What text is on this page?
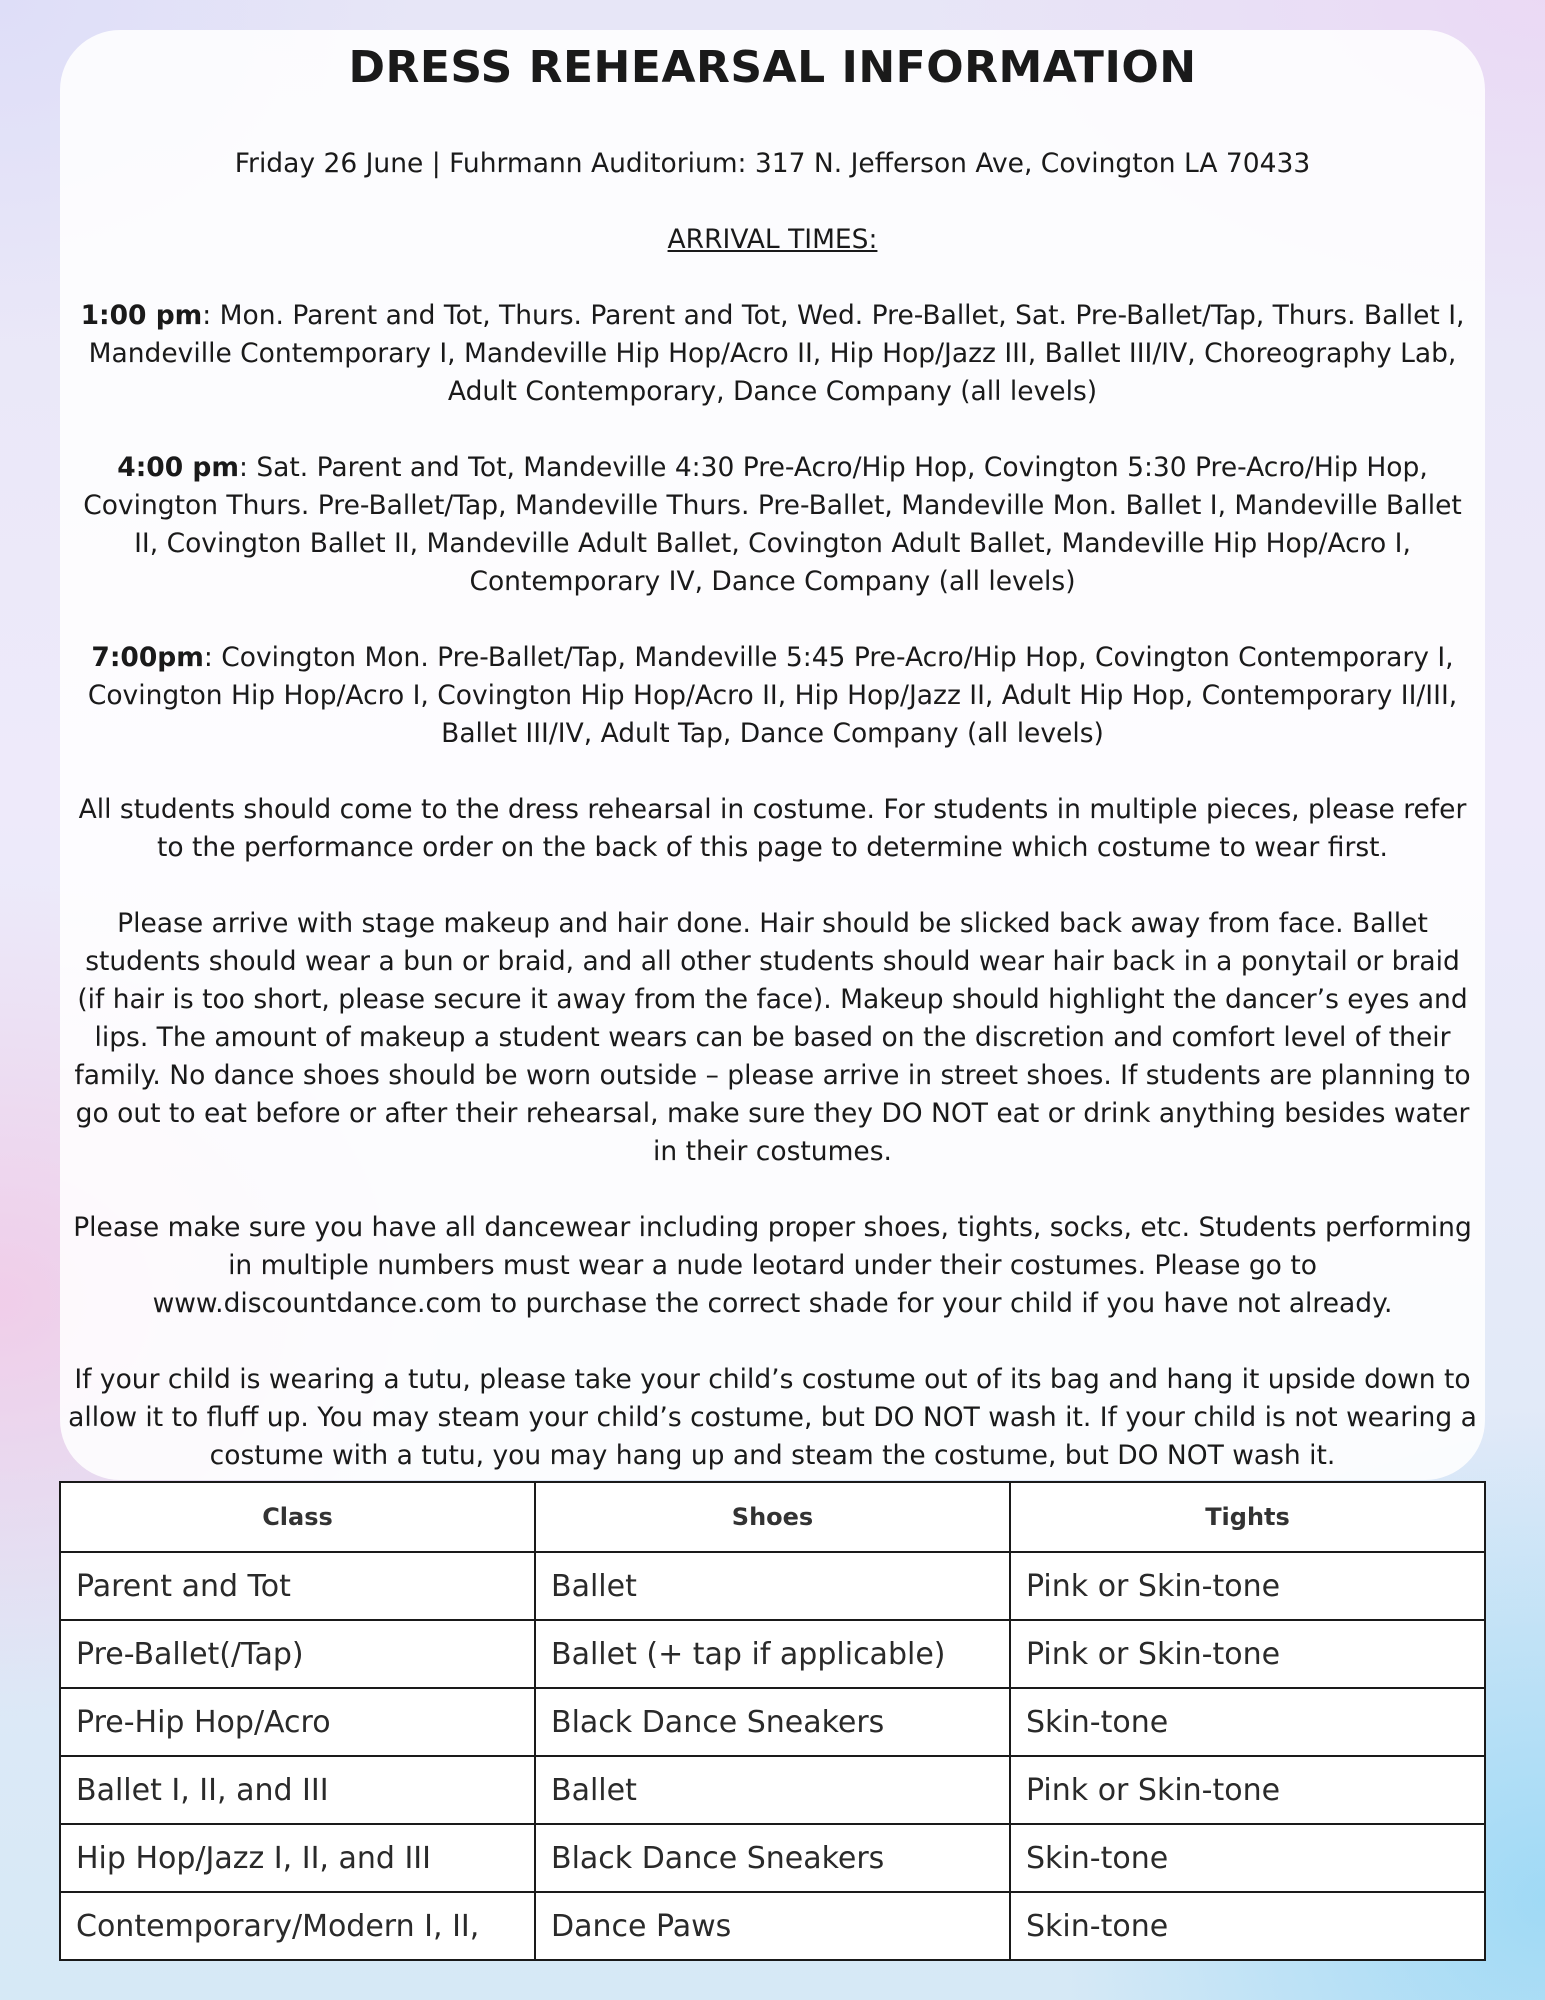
DRESS REHEARSAL INFORMATION

Friday 26 June | Fuhrmann Auditorium: 317 N. Jefferson Ave, Covington LA 70433

ARRIVAL TIMES:

1:00 pm: Mon. Parent and Tot, Thurs. Parent and Tot, Wed. Pre-Ballet, Sat. Pre-Ballet/Tap, Thurs. Ballet I, Mandeville Contemporary I, Mandeville Hip Hop/Acro II, Hip Hop/Jazz III, Ballet III/IV, Choreography Lab, Adult Contemporary, Dance Company (all levels)

4:00 pm: Sat. Parent and Tot, Mandeville 4:30 Pre-Acro/Hip Hop, Covington 5:30 Pre-Acro/Hip Hop, Covington Thurs. Pre-Ballet/Tap, Mandeville Thurs. Pre-Ballet, Mandeville Mon. Ballet I, Mandeville Ballet II, Covington Ballet II, Mandeville Adult Ballet, Covington Adult Ballet, Mandeville Hip Hop/Acro I, Contemporary IV, Dance Company (all levels)

7:00pm: Covington Mon. Pre-Ballet/Tap, Mandeville 5:45 Pre-Acro/Hip Hop, Covington Contemporary I, Covington Hip Hop/Acro I, Covington Hip Hop/Acro II, Hip Hop/Jazz II, Adult Hip Hop, Contemporary II/III, Ballet III/IV, Adult Tap, Dance Company (all levels)

All students should come to the dress rehearsal in costume. For students in multiple pieces, please refer to the performance order on the back of this page to determine which costume to wear first.

Please arrive with stage makeup and hair done. Hair should be slicked back away from face. Ballet students should wear a bun or braid, and all other students should wear hair back in a ponytail or braid (if hair is too short, please secure it away from the face). Makeup should highlight the dancer’s eyes and lips. The amount of makeup a student wears can be based on the discretion and comfort level of their family. No dance shoes should be worn outside – please arrive in street shoes. If students are planning to go out to eat before or after their rehearsal, make sure they DO NOT eat or drink anything besides water in their costumes.

Please make sure you have all dancewear including proper shoes, tights, socks, etc. Students performing in multiple numbers must wear a nude leotard under their costumes. Please go to www.discountdance.com to purchase the correct shade for your child if you have not already.

If your child is wearing a tutu, please take your child’s costume out of its bag and hang it upside down to allow it to fluff up. You may steam your child’s costume, but DO NOT wash it. If your child is not wearing a costume with a tutu, you may hang up and steam the costume, but DO NOT wash it.

Class	Shoes	Tights
Parent and Tot	Ballet	Pink or Skin-tone
Pre-Ballet(/Tap)	Ballet (+ tap if applicable)	Pink or Skin-tone
Pre-Hip Hop/Acro	Black Dance Sneakers	Skin-tone
Ballet I, II, and III	Ballet	Pink or Skin-tone
Hip Hop/Jazz I, II, and III	Black Dance Sneakers	Skin-tone
Contemporary/Modern I, II,	Dance Paws	Skin-tone
